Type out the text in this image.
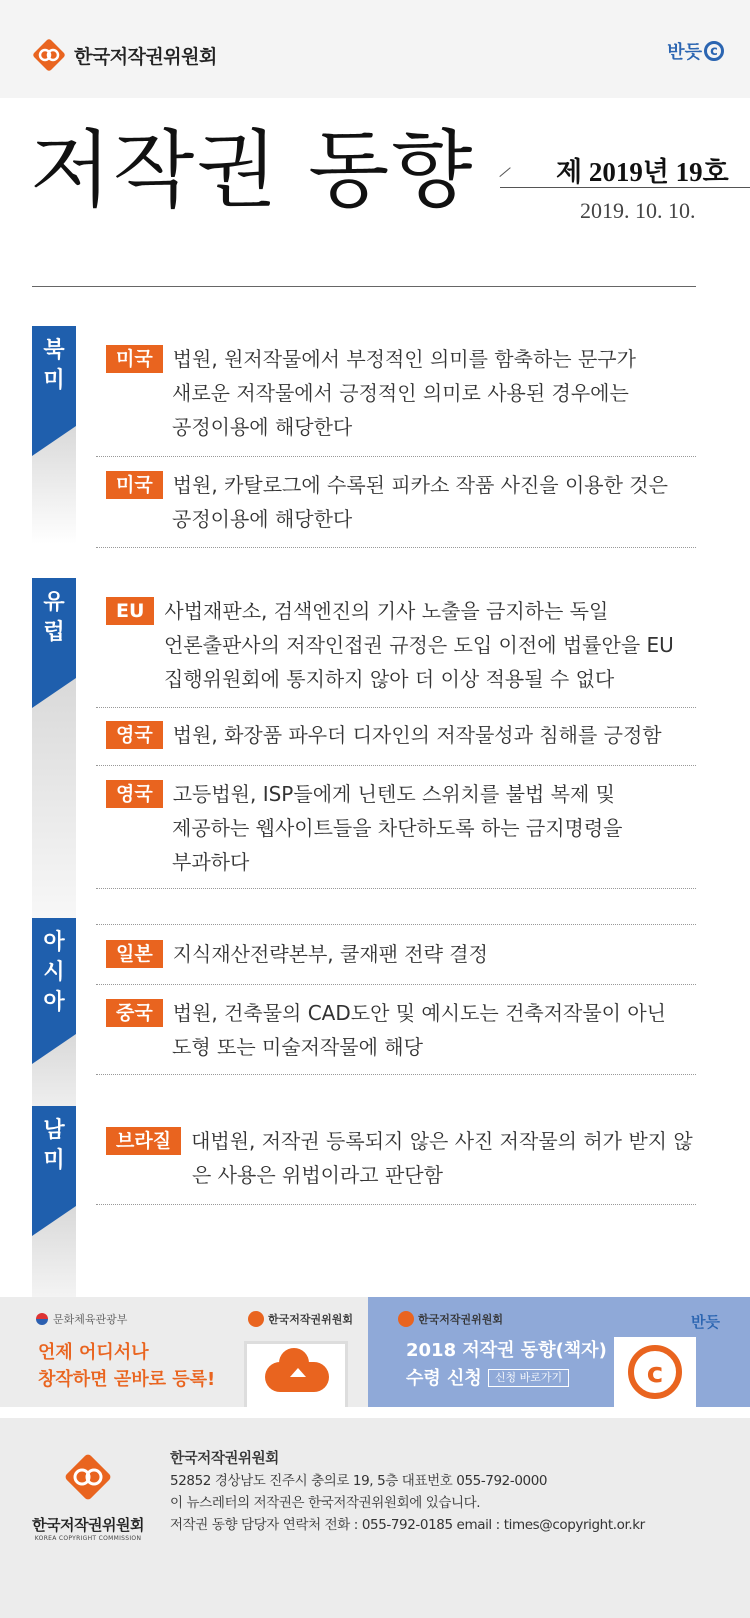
한국저작권위원회	반듯 c
저작권 동향	제 2019년 19호
2019. 10. 10.
북
미
미국 법원, 원저작물에서 부정적인 의미를 함축하는 문구가
새로운 저작물에서 긍정적인 의미로 사용된 경우에는
공정이용에 해당한다
미국 법원, 카탈로그에 수록된 피카소 작품 사진을 이용한 것은
공정이용에 해당한다
유
럽
EU 사법재판소, 검색엔진의 기사 노출을 금지하는 독일
언론출판사의 저작인접권 규정은 도입 이전에 법률안을 EU
집행위원회에 통지하지 않아 더 이상 적용될 수 없다
영국 법원, 화장품 파우더 디자인의 저작물성과 침해를 긍정함
영국 고등법원, ISP들에게 닌텐도 스위치를 불법 복제 및
제공하는 웹사이트들을 차단하도록 하는 금지명령을
부과하다
아
시
아
일본 지식재산전략본부, 쿨재팬 전략 결정
중국 법원, 건축물의 CAD도안 및 예시도는 건축저작물이 아닌
도형 또는 미술저작물에 해당
남
미
브라질 대법원, 저작권 등록되지 않은 사진 저작물의 허가 받지 않
은 사용은 위법이라고 판단함
문화체육관광부	한국저작권위원회
언제 어디서나
창작하면 곧바로 등록!
한국저작권위원회	반듯
2018 저작권 동향(책자)
수령 신청 신청 바로가기	c
한국저작권위원회
KOREA COPYRIGHT COMMISSION
한국저작권위원회
52852 경상남도 진주시 충의로 19, 5층 대표번호 055-792-0000
이 뉴스레터의 저작권은 한국저작권위원회에 있습니다.
저작권 동향 담당자 연락처 전화 : 055-792-0185 email : times@copyright.or.kr
